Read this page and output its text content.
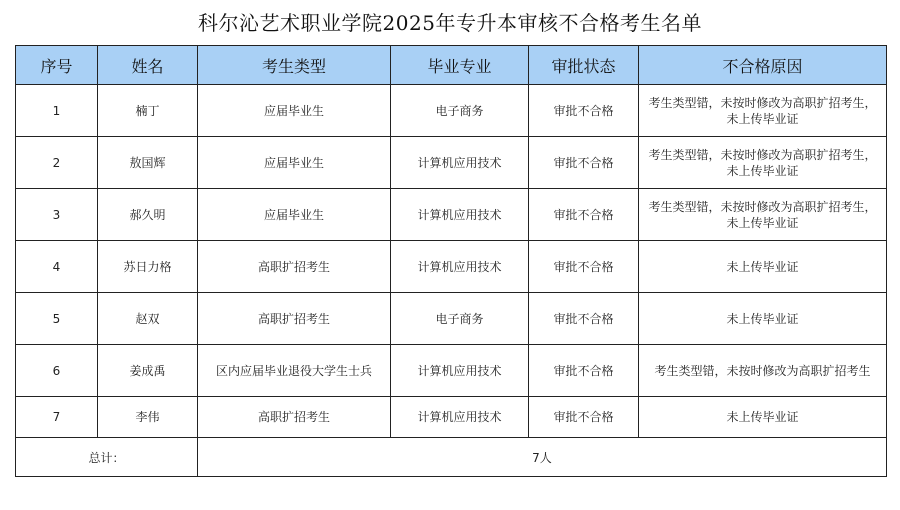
科尔沁艺术职业学院2025年专升本审核不合格考生名单
序号	姓名	考生类型	毕业专业	审批状态	不合格原因
1	楠丁	应届毕业生	电子商务	审批不合格	考生类型错，未按时修改为高职扩招考生，未上传毕业证
2	敖国辉	应届毕业生	计算机应用技术	审批不合格	考生类型错，未按时修改为高职扩招考生，未上传毕业证
3	郝久明	应届毕业生	计算机应用技术	审批不合格	考生类型错，未按时修改为高职扩招考生，未上传毕业证
4	苏日力格	高职扩招考生	计算机应用技术	审批不合格	未上传毕业证
5	赵双	高职扩招考生	电子商务	审批不合格	未上传毕业证
6	姜成禹	区内应届毕业退役大学生士兵	计算机应用技术	审批不合格	考生类型错，未按时修改为高职扩招考生
7	李伟	高职扩招考生	计算机应用技术	审批不合格	未上传毕业证
总计：		7人			
